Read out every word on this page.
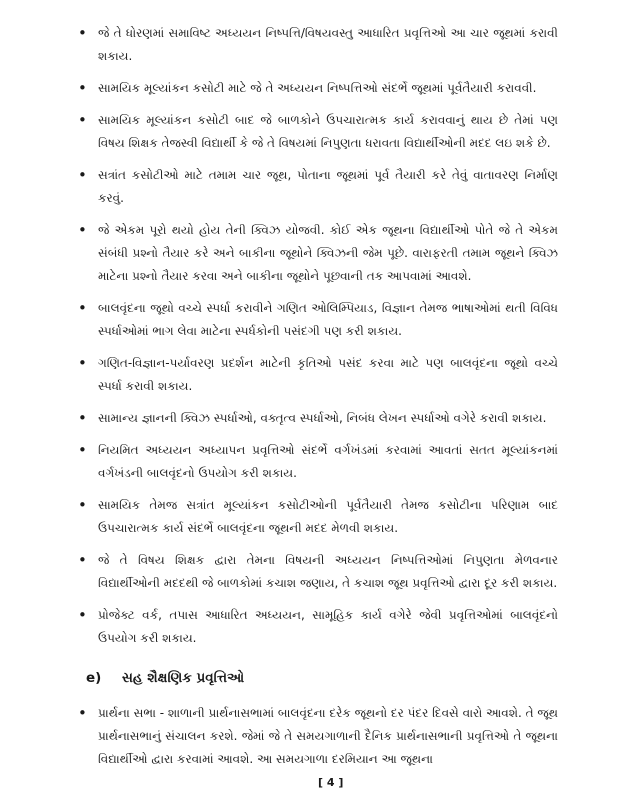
• જે તે ધોરણમાં સમાવિષ્ટ અધ્યયન નિષ્પત્તિ/વિષયવસ્તુ આધારિત પ્રવૃત્તિઓ આ ચાર જૂથમાં કરાવી શકાય.
• સામયિક મૂલ્યાંકન કસોટી માટે જે તે અધ્યયન નિષ્પત્તિઓ સંદર્ભે જૂથમાં પૂર્વતૈયારી કરાવવી.
• સામયિક મૂલ્યાંકન કસોટી બાદ જે બાળકોને ઉપચારાત્મક કાર્ય કરાવવાનું થાય છે તેમાં પણ વિષય શિક્ષક તેજસ્વી વિદ્યાર્થી કે જે તે વિષયમાં નિપુણતા ધરાવતા વિદ્યાર્થીઓની મદદ લઇ શકે છે.
• સત્રાંત કસોટીઓ માટે તમામ ચાર જૂથ, પોતાના જૂથમાં પૂર્વ તૈયારી કરે તેવું વાતાવરણ નિર્માણ કરવું.
• જે એકમ પૂરો થયો હોય તેની ક્વિઝ યોજવી. કોઈ એક જૂથના વિદ્યાર્થીઓ પોતે જે તે એકમ સંબંધી પ્રશ્નો તૈયાર કરે અને બાકીના જૂથોને ક્વિઝની જેમ પૂછે. વારાફરતી તમામ જૂથને ક્વિઝ માટેના પ્રશ્નો તૈયાર કરવા અને બાકીના જૂથોને પૂછવાની તક આપવામાં આવશે.
• બાલવૃંદના જૂથો વચ્ચે સ્પર્ધા કરાવીને ગણિત ઓલિમ્પિયાડ, વિજ્ઞાન તેમજ ભાષાઓમાં થતી વિવિધ સ્પર્ધાઓમાં ભાગ લેવા માટેના સ્પર્ધકોની પસંદગી પણ કરી શકાય.
• ગણિત-વિજ્ઞાન-પર્યાવરણ પ્રદર્શન માટેની કૃતિઓ પસંદ કરવા માટે પણ બાલવૃંદના જૂથો વચ્ચે સ્પર્ધા કરાવી શકાય.
• સામાન્ય જ્ઞાનની ક્વિઝ સ્પર્ધાઓ, વક્તૃત્વ સ્પર્ધાઓ, નિબંધ લેખન સ્પર્ધાઓ વગેરે કરાવી શકાય.
• નિયમિત અધ્યયન અધ્યાપન પ્રવૃત્તિઓ સંદર્ભે વર્ગખંડમાં કરવામાં આવતાં સતત મૂલ્યાંકનમાં વર્ગખંડની બાલવૃંદનો ઉપયોગ કરી શકાય.
• સામયિક તેમજ સત્રાંત મૂલ્યાંકન કસોટીઓની પૂર્વતૈયારી તેમજ કસોટીના પરિણામ બાદ ઉપચારાત્મક કાર્ય સંદર્ભે બાલવૃંદના જૂથની મદદ મેળવી શકાય.
• જે તે વિષય શિક્ષક દ્વારા તેમના વિષયની અધ્યયન નિષ્પત્તિઓમાં નિપુણતા મેળવનાર વિદ્યાર્થીઓની મદદથી જે બાળકોમાં કચાશ જણાય, તે કચાશ જૂથ પ્રવૃત્તિઓ દ્વારા દૂર કરી શકાય.
• પ્રોજેક્ટ વર્ક, તપાસ આધારિત અધ્યયન, સામૂહિક કાર્ય વગેરે જેવી પ્રવૃત્તિઓમાં બાલવૃંદનો ઉપયોગ કરી શકાય.
e) સહ શૈક્ષણિક પ્રવૃત્તિઓ
• પ્રાર્થના સભા - શાળાની પ્રાર્થનાસભામાં બાલવૃંદના દરેક જૂથનો દર પંદર દિવસે વારો આવશે. તે જૂથ પ્રાર્થનાસભાનું સંચાલન કરશે. જેમાં જે તે સમયગાળાની દૈનિક પ્રાર્થનાસભાની પ્રવૃત્તિઓ તે જૂથના વિદ્યાર્થીઓ દ્વારા કરવામાં આવશે. આ સમયગાળા દરમિયાન આ જૂથના
[ 4 ]
